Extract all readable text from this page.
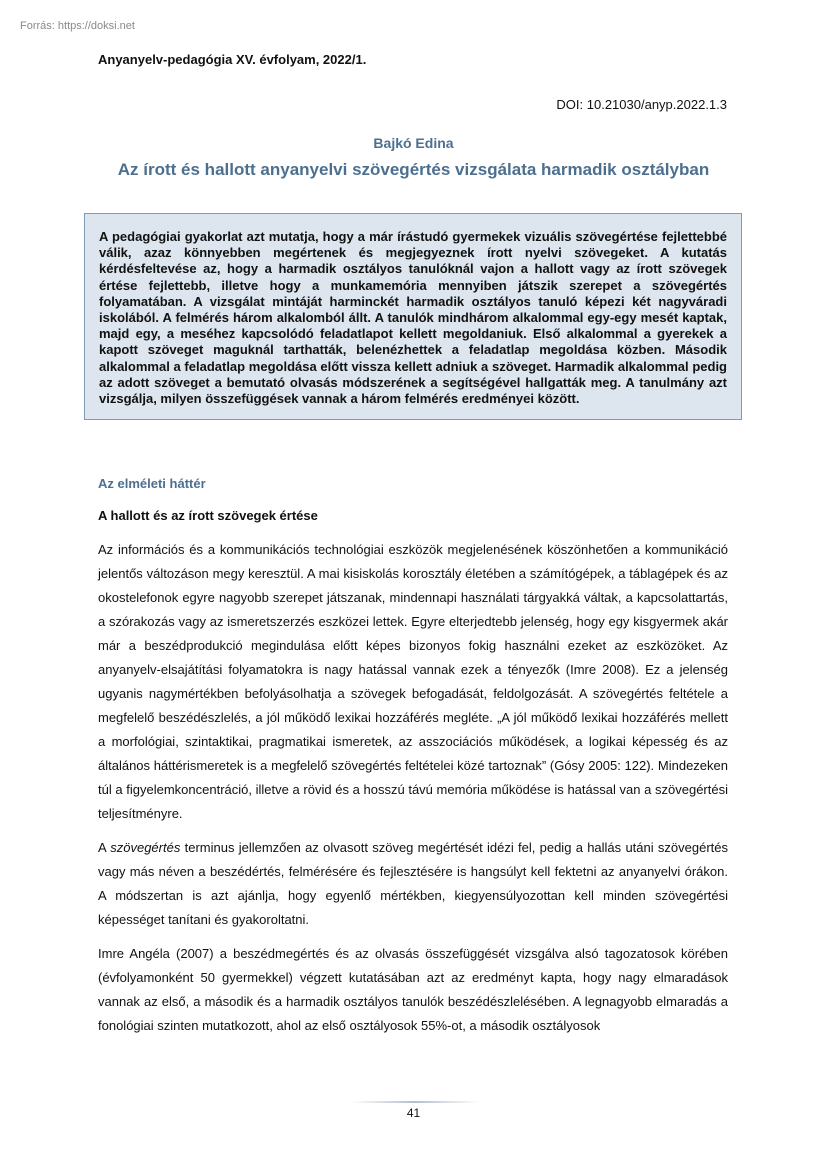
Forrás: https://doksi.net
Anyanyelv-pedagógia XV. évfolyam, 2022/1.
DOI: 10.21030/anyp.2022.1.3
Bajkó Edina
Az írott és hallott anyanyelvi szövegértés vizsgálata harmadik osztályban
A pedagógiai gyakorlat azt mutatja, hogy a már írástudó gyermekek vizuális szövegértése fejlettebbé válik, azaz könnyebben megértenek és megjegyeznek írott nyelvi szövegeket. A kutatás kérdésfeltevése az, hogy a harmadik osztályos tanulóknál vajon a hallott vagy az írott szövegek értése fejlettebb, illetve hogy a munkamemória mennyiben játszik szerepet a szövegértés folyamatában. A vizsgálat mintáját harminckét harmadik osztályos tanuló képezi két nagyváradi iskolából. A felmérés három alkalomból állt. A tanulók mindhárom alkalommal egy-egy mesét kaptak, majd egy, a meséhez kapcsolódó feladatlapot kellett megoldaniuk. Első alkalommal a gyerekek a kapott szöveget maguknál tarthatták, belenézhettek a feladatlap megoldása közben. Második alkalommal a feladatlap megoldása előtt vissza kellett adniuk a szöveget. Harmadik alkalommal pedig az adott szöveget a bemutató olvasás módszerének a segítségével hallgatták meg. A tanulmány azt vizsgálja, milyen összefüggések vannak a három felmérés eredményei között.
Az elméleti háttér
A hallott és az írott szövegek értése

Az információs és a kommunikációs technológiai eszközök megjelenésének köszönhetően a kommunikáció jelentős változáson megy keresztül. A mai kisiskolás korosztály életében a számítógépek, a táblagépek és az okostelefonok egyre nagyobb szerepet játszanak, mindennapi használati tárgyakká váltak, a kapcsolattartás, a szórakozás vagy az ismeretszerzés eszközei lettek. Egyre elterjedtebb jelenség, hogy egy kisgyermek akár már a beszédprodukció megindulása előtt képes bizonyos fokig használni ezeket az eszközöket. Az anyanyelv-elsajátítási folyamatokra is nagy hatással vannak ezek a tényezők (Imre 2008). Ez a jelenség ugyanis nagymértékben befolyásolhatja a szövegek befogadását, feldolgozását. A szövegértés feltétele a megfelelő beszédészlelés, a jól működő lexikai hozzáférés megléte. „A jól működő lexikai hozzáférés mellett a morfológiai, szintaktikai, pragmatikai ismeretek, az asszociációs működések, a logikai képesség és az általános háttérismeretek is a megfelelő szövegértés feltételei közé tartoznak” (Gósy 2005: 122). Mindezeken túl a figyelemkoncentráció, illetve a rövid és a hosszú távú memória működése is hatással van a szövegértési teljesítményre.

A szövegértés terminus jellemzően az olvasott szöveg megértését idézi fel, pedig a hallás utáni szövegértés vagy más néven a beszédértés, felmérésére és fejlesztésére is hangsúlyt kell fektetni az anyanyelvi órákon. A módszertan is azt ajánlja, hogy egyenlő mértékben, kiegyensúlyozottan kell minden szövegértési képességet tanítani és gyakoroltatni.

Imre Angéla (2007) a beszédmegértés és az olvasás összefüggését vizsgálva alsó tagozatosok körében (évfolyamonként 50 gyermekkel) végzett kutatásában azt az eredményt kapta, hogy nagy elmaradások vannak az első, a második és a harmadik osztályos tanulók beszédészlelésében. A legnagyobb elmaradás a fonológiai szinten mutatkozott, ahol az első osztályosok 55%-ot, a második osztályosok

41
